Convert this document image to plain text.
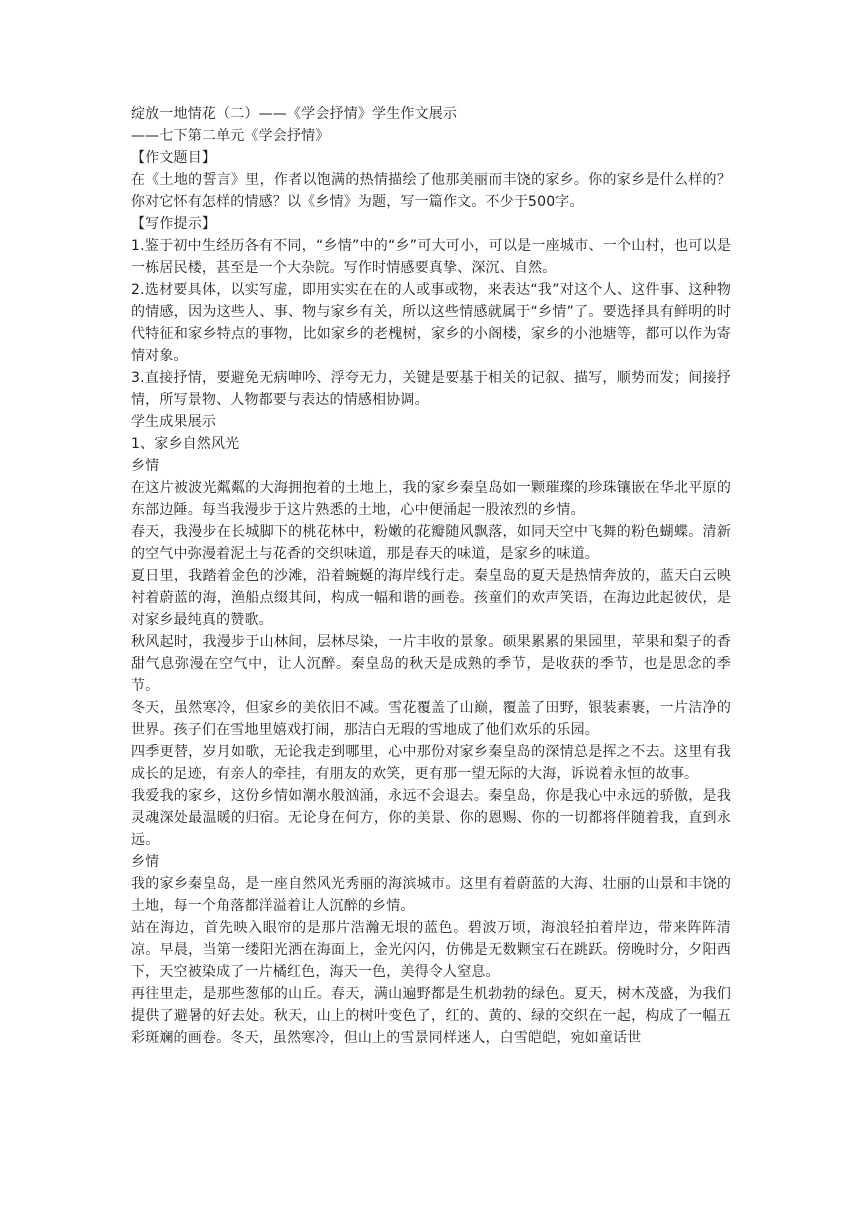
绽放一地情花（二）——《学会抒情》学生作文展示

——七下第二单元《学会抒情》

【作文题目】

在《土地的誓言》里，作者以饱满的热情描绘了他那美丽而丰饶的家乡。你的家乡是什么样的？你对它怀有怎样的情感？以《乡情》为题，写一篇作文。不少于500字。

【写作提示】

1.鉴于初中生经历各有不同，“乡情”中的“乡”可大可小，可以是一座城市、一个山村，也可以是一栋居民楼，甚至是一个大杂院。写作时情感要真挚、深沉、自然。

2.选材要具体，以实写虚，即用实实在在的人或事或物，来表达“我”对这个人、这件事、这种物的情感，因为这些人、事、物与家乡有关，所以这些情感就属于“乡情”了。要选择具有鲜明的时代特征和家乡特点的事物，比如家乡的老槐树，家乡的小阁楼，家乡的小池塘等，都可以作为寄情对象。

3.直接抒情，要避免无病呻吟、浮夸无力，关键是要基于相关的记叙、描写，顺势而发；间接抒情，所写景物、人物都要与表达的情感相协调。

学生成果展示

1、家乡自然风光

乡情

在这片被波光粼粼的大海拥抱着的土地上，我的家乡秦皇岛如一颗璀璨的珍珠镶嵌在华北平原的东部边陲。每当我漫步于这片熟悉的土地，心中便涌起一股浓烈的乡情。

春天，我漫步在长城脚下的桃花林中，粉嫩的花瓣随风飘落，如同天空中飞舞的粉色蝴蝶。清新的空气中弥漫着泥土与花香的交织味道，那是春天的味道，是家乡的味道。

夏日里，我踏着金色的沙滩，沿着蜿蜒的海岸线行走。秦皇岛的夏天是热情奔放的，蓝天白云映衬着蔚蓝的海，渔船点缀其间，构成一幅和谐的画卷。孩童们的欢声笑语，在海边此起彼伏，是对家乡最纯真的赞歌。

秋风起时，我漫步于山林间，层林尽染，一片丰收的景象。硕果累累的果园里，苹果和梨子的香甜气息弥漫在空气中，让人沉醉。秦皇岛的秋天是成熟的季节，是收获的季节，也是思念的季节。

冬天，虽然寒冷，但家乡的美依旧不减。雪花覆盖了山巅，覆盖了田野，银装素裹，一片洁净的世界。孩子们在雪地里嬉戏打闹，那洁白无瑕的雪地成了他们欢乐的乐园。

四季更替，岁月如歌，无论我走到哪里，心中那份对家乡秦皇岛的深情总是挥之不去。这里有我成长的足迹，有亲人的牵挂，有朋友的欢笑，更有那一望无际的大海，诉说着永恒的故事。

我爱我的家乡，这份乡情如潮水般汹涌，永远不会退去。秦皇岛，你是我心中永远的骄傲，是我灵魂深处最温暖的归宿。无论身在何方，你的美景、你的恩赐、你的一切都将伴随着我，直到永远。

乡情

我的家乡秦皇岛，是一座自然风光秀丽的海滨城市。这里有着蔚蓝的大海、壮丽的山景和丰饶的土地，每一个角落都洋溢着让人沉醉的乡情。

站在海边，首先映入眼帘的是那片浩瀚无垠的蓝色。碧波万顷，海浪轻拍着岸边，带来阵阵清凉。早晨，当第一缕阳光洒在海面上，金光闪闪，仿佛是无数颗宝石在跳跃。傍晚时分，夕阳西下，天空被染成了一片橘红色，海天一色，美得令人窒息。

再往里走，是那些葱郁的山丘。春天，满山遍野都是生机勃勃的绿色。夏天，树木茂盛，为我们提供了避暑的好去处。秋天，山上的树叶变色了，红的、黄的、绿的交织在一起，构成了一幅五彩斑斓的画卷。冬天，虽然寒冷，但山上的雪景同样迷人，白雪皑皑，宛如童话世
